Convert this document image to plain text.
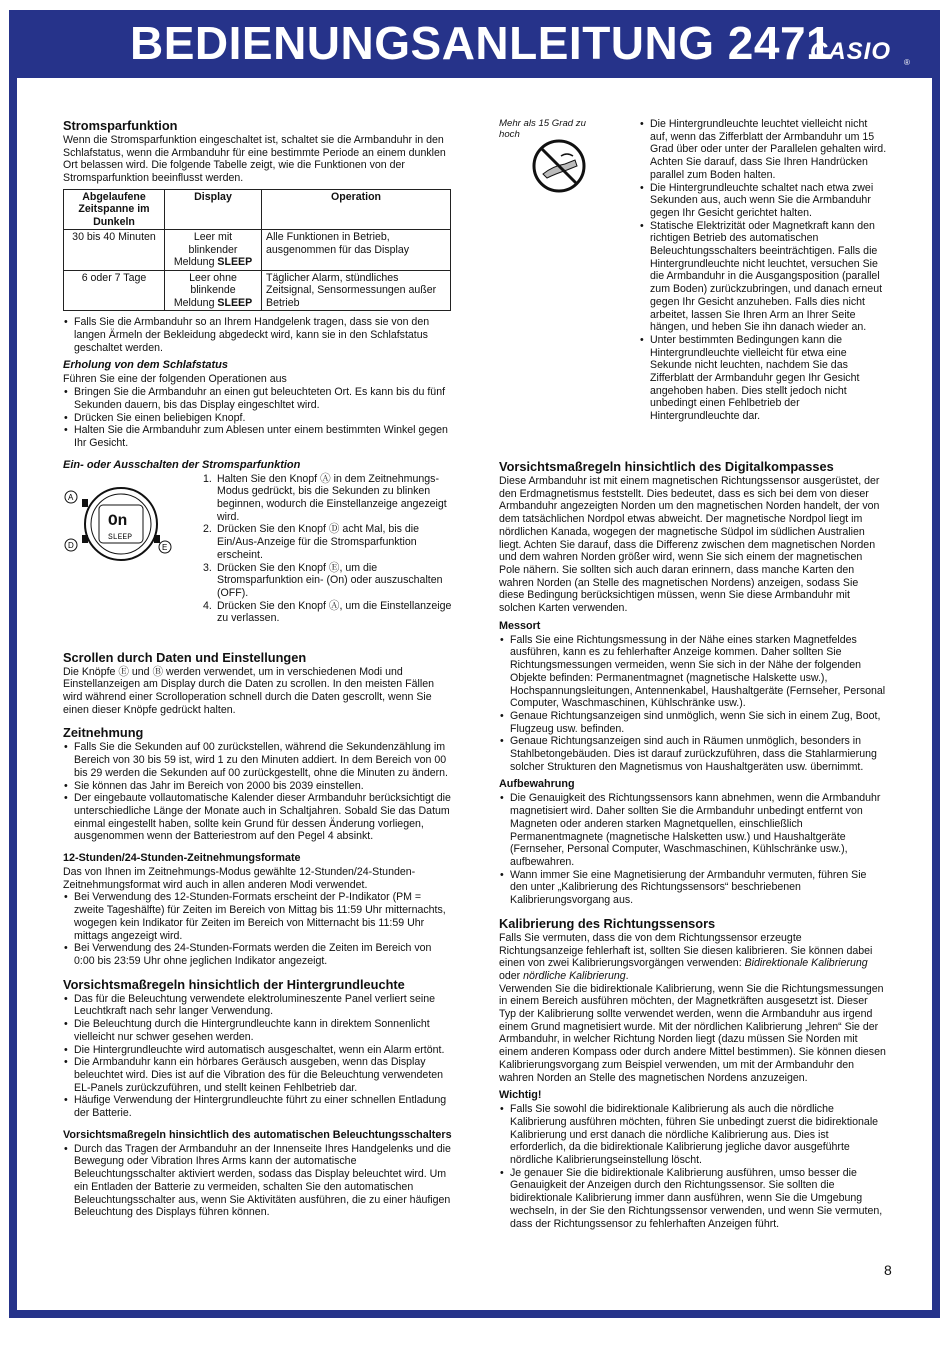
BEDIENUNGSANLEITUNG 2471
CASIO ®
Stromsparfunktion

Wenn die Stromsparfunktion eingeschaltet ist, schaltet sie die Armbanduhr in den Schlafstatus, wenn die Armbanduhr für eine bestimmte Periode an einem dunklen Ort belassen wird. Die folgende Tabelle zeigt, wie die Funktionen von der Stromsparfunktion beeinflusst werden.

Abgelaufene Zeitspanne im Dunkeln	Display	Operation
30 bis 40 Minuten	Leer mit blinkender Meldung SLEEP	Alle Funktionen in Betrieb, ausgenommen für das Display
6 oder 7 Tage	Leer ohne blinkende Meldung SLEEP	Täglicher Alarm, stündliches Zeitsignal, Sensormessungen außer Betrieb
• Falls Sie die Armbanduhr so an Ihrem Handgelenk tragen, dass sie von den langen Ärmeln der Bekleidung abgedeckt wird, kann sie in den Schlafstatus geschaltet werden.
Erholung von dem Schlafstatus

Führen Sie eine der folgenden Operationen aus

• Bringen Sie die Armbanduhr an einen gut beleuchteten Ort. Es kann bis du fünf Sekunden dauern, bis das Display eingeschltet wird.
• Drücken Sie einen beliebigen Knopf.
• Halten Sie die Armbanduhr zum Ablesen unter einem bestimmten Winkel gegen Ihr Gesicht.
Ein- oder Ausschalten der Stromsparfunktion
On
SLEEP
A
D	E
1. Halten Sie den Knopf Ⓐ in dem Zeitnehmungs-Modus gedrückt, bis die Sekunden zu blinken beginnen, wodurch die Einstellanzeige angezeigt wird.
2. Drücken Sie den Knopf Ⓓ acht Mal, bis die Ein/Aus-Anzeige für die Stromsparfunktion erscheint.
3. Drücken Sie den Knopf Ⓔ, um die Stromsparfunktion ein- (On) oder auszuschalten (OFF).
4. Drücken Sie den Knopf Ⓐ, um die Einstellanzeige zu verlassen.
Scrollen durch Daten und Einstellungen

Die Knöpfe Ⓔ und Ⓑ werden verwendet, um in verschiedenen Modi und Einstellanzeigen am Display durch die Daten zu scrollen. In den meisten Fällen wird während einer Scrolloperation schnell durch die Daten gescrollt, wenn Sie einen dieser Knöpfe gedrückt halten.

Zeitnehmung
• Falls Sie die Sekunden auf 00 zurückstellen, während die Sekundenzählung im Bereich von 30 bis 59 ist, wird 1 zu den Minuten addiert. In dem Bereich von 00 bis 29 werden die Sekunden auf 00 zurückgestellt, ohne die Minuten zu ändern.
• Sie können das Jahr im Bereich von 2000 bis 2039 einstellen.
• Der eingebaute vollautomatische Kalender dieser Armbanduhr berücksichtigt die unterschiedliche Länge der Monate auch in Schaltjahren. Sobald Sie das Datum einmal eingestellt haben, sollte kein Grund für dessen Änderung vorliegen, ausgenommen wenn der Batteriestrom auf den Pegel 4 absinkt.
12-Stunden/24-Stunden-Zeitnehmungsformate

Das von Ihnen im Zeitnehmungs-Modus gewählte 12-Stunden/24-Stunden-Zeitnehmungsformat wird auch in allen anderen Modi verwendet.

• Bei Verwendung des 12-Stunden-Formats erscheint der P-Indikator (PM = zweite Tageshälfte) für Zeiten im Bereich von Mittag bis 11:59 Uhr mitternachts, wogegen kein Indikator für Zeiten im Bereich von Mitternacht bis 11:59 Uhr mittags angezeigt wird.
• Bei Verwendung des 24-Stunden-Formats werden die Zeiten im Bereich von 0:00 bis 23:59 Uhr ohne jeglichen Indikator angezeigt.
Vorsichtsmaßregeln hinsichtlich der Hintergrundleuchte
• Das für die Beleuchtung verwendete elektrolumineszente Panel verliert seine Leuchtkraft nach sehr langer Verwendung.
• Die Beleuchtung durch die Hintergrundleuchte kann in direktem Sonnenlicht vielleicht nur schwer gesehen werden.
• Die Hintergrundleuchte wird automatisch ausgeschaltet, wenn ein Alarm ertönt.
• Die Armbanduhr kann ein hörbares Geräusch ausgeben, wenn das Display beleuchtet wird. Dies ist auf die Vibration des für die Beleuchtung verwendeten EL-Panels zurückzuführen, und stellt keinen Fehlbetrieb dar.
• Häufige Verwendung der Hintergrundleuchte führt zu einer schnellen Entladung der Batterie.
Vorsichtsmaßregeln hinsichtlich des automatischen Beleuchtungsschalters
• Durch das Tragen der Armbanduhr an der Innenseite Ihres Handgelenks und die Bewegung oder Vibration Ihres Arms kann der automatische Beleuchtungsschalter aktiviert werden, sodass das Display beleuchtet wird. Um ein Entladen der Batterie zu vermeiden, schalten Sie den automatischen Beleuchtungsschalter aus, wenn Sie Aktivitäten ausführen, die zu einer häufigen Beleuchtung des Displays führen können.
Mehr als 15 Grad zu hoch
• Die Hintergrundleuchte leuchtet vielleicht nicht auf, wenn das Zifferblatt der Armbanduhr um 15 Grad über oder unter der Parallelen gehalten wird. Achten Sie darauf, dass Sie Ihren Handrücken parallel zum Boden halten.
• Die Hintergrundleuchte schaltet nach etwa zwei Sekunden aus, auch wenn Sie die Armbanduhr gegen Ihr Gesicht gerichtet halten.
• Statische Elektrizität oder Magnetkraft kann den richtigen Betrieb des automatischen Beleuchtungsschalters beeinträchtigen. Falls die Hintergrundleuchte nicht leuchtet, versuchen Sie die Armbanduhr in die Ausgangsposition (parallel zum Boden) zurückzubringen, und danach erneut gegen Ihr Gesicht anzuheben. Falls dies nicht arbeitet, lassen Sie Ihren Arm an Ihrer Seite hängen, und heben Sie ihn danach wieder an.
• Unter bestimmten Bedingungen kann die Hintergrundleuchte vielleicht für etwa eine Sekunde nicht leuchten, nachdem Sie das Zifferblatt der Armbanduhr gegen Ihr Gesicht angehoben haben. Dies stellt jedoch nicht unbedingt einen Fehlbetrieb der Hintergrundleuchte dar.
Vorsichtsmaßregeln hinsichtlich des Digitalkompasses

Diese Armbanduhr ist mit einem magnetischen Richtungssensor ausgerüstet, der den Erdmagnetismus feststellt. Dies bedeutet, dass es sich bei dem von dieser Armbanduhr angezeigten Norden um den magnetischen Norden handelt, der von dem tatsächlichen Nordpol etwas abweicht. Der magnetische Nordpol liegt im nördlichen Kanada, wogegen der magnetische Südpol im südlichen Australien liegt. Achten Sie darauf, dass die Differenz zwischen dem magnetischen Norden und dem wahren Norden größer wird, wenn Sie sich einem der magnetischen Pole nähern. Sie sollten sich auch daran erinnern, dass manche Karten den wahren Norden (an Stelle des magnetischen Nordens) anzeigen, sodass Sie diese Bedingung berücksichtigen müssen, wenn Sie diese Armbanduhr mit solchen Karten verwenden.

Messort
• Falls Sie eine Richtungsmessung in der Nähe eines starken Magnetfeldes ausführen, kann es zu fehlerhafter Anzeige kommen. Daher sollten Sie Richtungsmessungen vermeiden, wenn Sie sich in der Nähe der folgenden Objekte befinden: Permanentmagnet (magnetische Halskette usw.), Hochspannungsleitungen, Antennenkabel, Haushaltgeräte (Fernseher, Personal Computer, Waschmaschinen, Kühlschränke usw.).
• Genaue Richtungsanzeigen sind unmöglich, wenn Sie sich in einem Zug, Boot, Flugzeug usw. befinden.
• Genaue Richtungsanzeigen sind auch in Räumen unmöglich, besonders in Stahlbetongebäuden. Dies ist darauf zurückzuführen, dass die Stahlarmierung solcher Strukturen den Magnetismus von Haushaltgeräten usw. übernimmt.
Aufbewahrung
• Die Genauigkeit des Richtungssensors kann abnehmen, wenn die Armbanduhr magnetisiert wird. Daher sollten Sie die Armbanduhr unbedingt entfernt von Magneten oder anderen starken Magnetquellen, einschließlich Permanentmagnete (magnetische Halsketten usw.) und Haushaltgeräte (Fernseher, Personal Computer, Waschmaschinen, Kühlschränke usw.), aufbewahren.
• Wann immer Sie eine Magnetisierung der Armbanduhr vermuten, führen Sie den unter „Kalibrierung des Richtungssensors“ beschriebenen Kalibrierungsvorgang aus.
Kalibrierung des Richtungssensors

Falls Sie vermuten, dass die von dem Richtungssensor erzeugte Richtungsanzeige fehlerhaft ist, sollten Sie diesen kalibrieren. Sie können dabei einen von zwei Kalibrierungsvorgängen verwenden: Bidirektionale Kalibrierung oder nördliche Kalibrierung.

Verwenden Sie die bidirektionale Kalibrierung, wenn Sie die Richtungsmessungen in einem Bereich ausführen möchten, der Magnetkräften ausgesetzt ist. Dieser Typ der Kalibrierung sollte verwendet werden, wenn die Armbanduhr aus irgend einem Grund magnetisiert wurde. Mit der nördlichen Kalibrierung „lehren“ Sie der Armbanduhr, in welcher Richtung Norden liegt (dazu müssen Sie Norden mit einem anderen Kompass oder durch andere Mittel bestimmen). Sie können diesen Kalibrierungsvorgang zum Beispiel verwenden, um mit der Armbanduhr den wahren Norden an Stelle des magnetischen Nordens anzuzeigen.

Wichtig!
• Falls Sie sowohl die bidirektionale Kalibrierung als auch die nördliche Kalibrierung ausführen möchten, führen Sie unbedingt zuerst die bidirektionale Kalibrierung und erst danach die nördliche Kalibrierung aus. Dies ist erforderlich, da die bidirektionale Kalibrierung jegliche davor ausgeführte nördliche Kalibrierungseinstellung löscht.
• Je genauer Sie die bidirektionale Kalibrierung ausführen, umso besser die Genauigkeit der Anzeigen durch den Richtungssensor. Sie sollten die bidirektionale Kalibrierung immer dann ausführen, wenn Sie die Umgebung wechseln, in der Sie den Richtungssensor verwenden, und wenn Sie vermuten, dass der Richtungssensor zu fehlerhaften Anzeigen führt.
8
